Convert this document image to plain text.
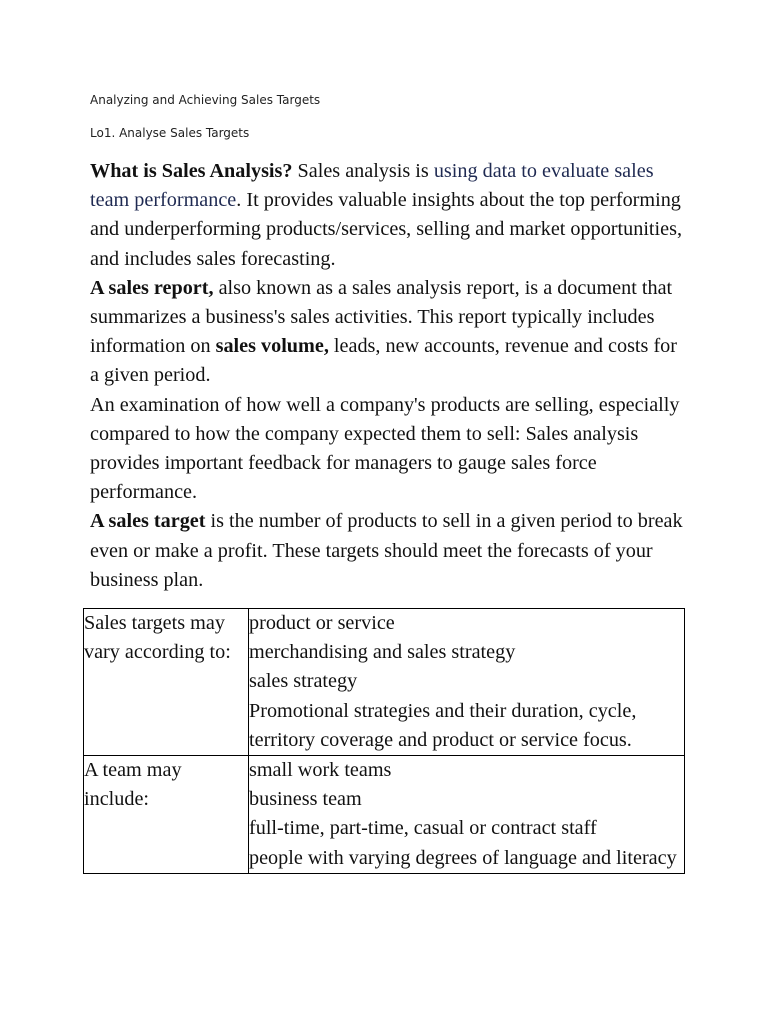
Analyzing and Achieving Sales Targets
Lo1. Analyse Sales Targets

What is Sales Analysis? Sales analysis is using data to evaluate sales team performance. It provides valuable insights about the top performing and underperforming products/services, selling and market opportunities, and includes sales forecasting.

A sales report, also known as a sales analysis report, is a document that summarizes a business's sales activities. This report typically includes information on sales volume, leads, new accounts, revenue and costs for a given period.

An examination of how well a company's products are selling, especially compared to how the company expected them to sell: Sales analysis provides important feedback for managers to gauge sales force performance.

A sales target is the number of products to sell in a given period to break even or make a profit. These targets should meet the forecasts of your business plan.

Sales targets may vary according to:	product or service
merchandising and sales strategy
sales strategy
Promotional strategies and their duration, cycle, territory coverage and product or service focus.

A team may include:	small work teams
business team
full-time, part-time, casual or contract staff
people with varying degrees of language and literacy
